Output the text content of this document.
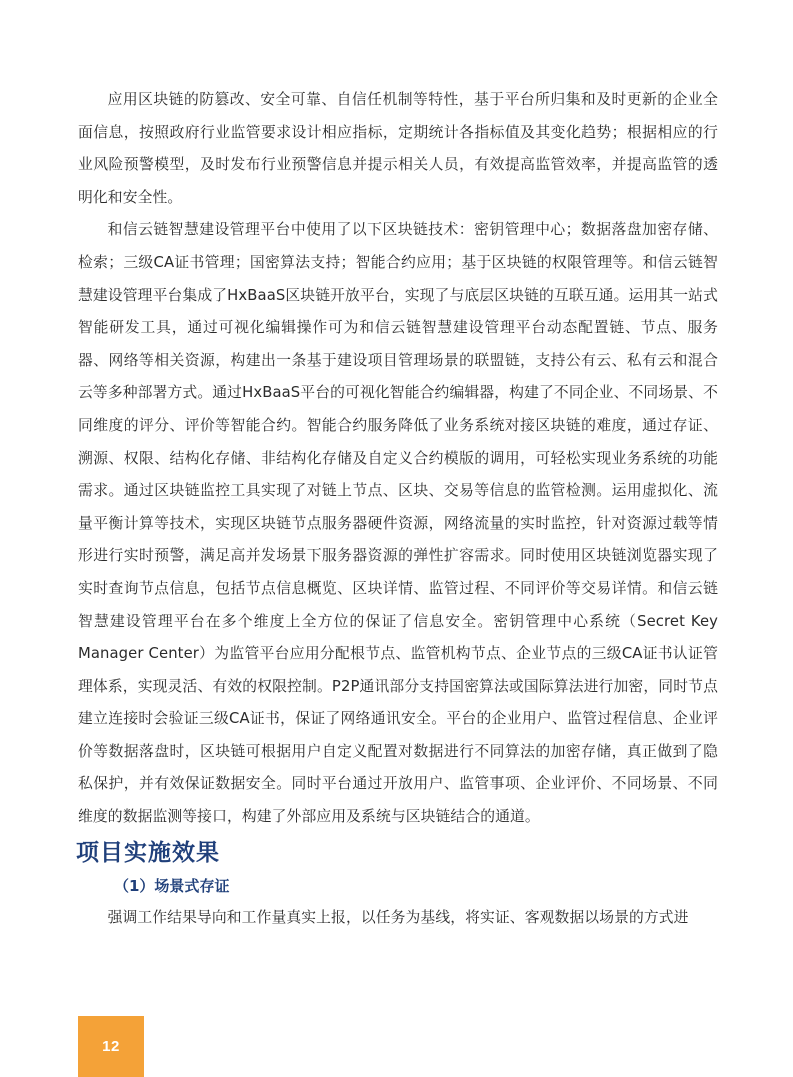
应用区块链的防篡改、安全可靠、自信任机制等特性，基于平台所归集和及时更新的企业全面信息，按照政府行业监管要求设计相应指标，定期统计各指标值及其变化趋势；根据相应的行业风险预警模型，及时发布行业预警信息并提示相关人员，有效提高监管效率，并提高监管的透明化和安全性。

和信云链智慧建设管理平台中使用了以下区块链技术：密钥管理中心；数据落盘加密存储、检索；三级CA证书管理；国密算法支持；智能合约应用；基于区块链的权限管理等。和信云链智慧建设管理平台集成了HxBaaS区块链开放平台，实现了与底层区块链的互联互通。运用其一站式智能研发工具，通过可视化编辑操作可为和信云链智慧建设管理平台动态配置链、节点、服务器、网络等相关资源，构建出一条基于建设项目管理场景的联盟链，支持公有云、私有云和混合云等多种部署方式。通过HxBaaS平台的可视化智能合约编辑器，构建了不同企业、不同场景、不同维度的评分、评价等智能合约。智能合约服务降低了业务系统对接区块链的难度，通过存证、溯源、权限、结构化存储、非结构化存储及自定义合约模版的调用，可轻松实现业务系统的功能需求。通过区块链监控工具实现了对链上节点、区块、交易等信息的监管检测。运用虚拟化、流量平衡计算等技术，实现区块链节点服务器硬件资源，网络流量的实时监控，针对资源过载等情形进行实时预警，满足高并发场景下服务器资源的弹性扩容需求。同时使用区块链浏览器实现了实时查询节点信息，包括节点信息概览、区块详情、监管过程、不同评价等交易详情。和信云链智慧建设管理平台在多个维度上全方位的保证了信息安全。密钥管理中心系统（Secret Key Manager Center）为监管平台应用分配根节点、监管机构节点、企业节点的三级CA证书认证管理体系，实现灵活、有效的权限控制。P2P通讯部分支持国密算法或国际算法进行加密，同时节点建立连接时会验证三级CA证书，保证了网络通讯安全。平台的企业用户、监管过程信息、企业评价等数据落盘时，区块链可根据用户自定义配置对数据进行不同算法的加密存储，真正做到了隐私保护，并有效保证数据安全。同时平台通过开放用户、监管事项、企业评价、不同场景、不同维度的数据监测等接口，构建了外部应用及系统与区块链结合的通道。

项目实施效果
（1）场景式存证

强调工作结果导向和工作量真实上报，以任务为基线，将实证、客观数据以场景的方式进

12
